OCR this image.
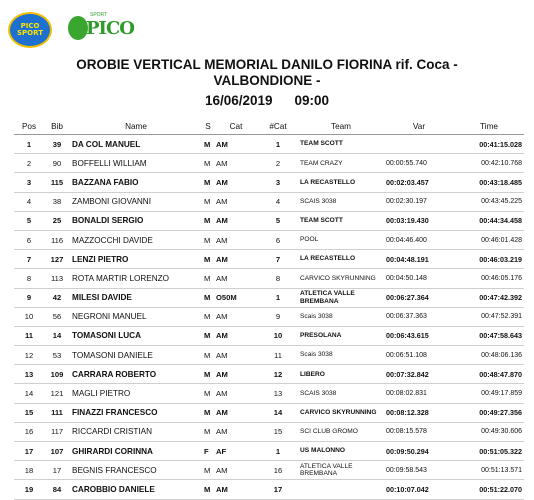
PICO
SPORT
SPORT
PICO
OROBIE VERTICAL MEMORIAL DANILO FIORINA rif. Coca -
VALBONDIONE -
16/06/2019 09:00
Pos	Bib	Name	S	Cat	#Cat	Team	Var	Time
1	39	DA COL MANUEL	M	AM	1	TEAM SCOTT		00:41:15.028
2	90	BOFFELLI WILLIAM	M	AM	2	TEAM CRAZY	00:00:55.740	00:42:10.768
3	115	BAZZANA FABIO	M	AM	3	LA RECASTELLO	00:02:03.457	00:43:18.485
4	38	ZAMBONI GIOVANNI	M	AM	4	SCAIS 3038	00:02:30.197	00:43:45.225
5	25	BONALDI SERGIO	M	AM	5	TEAM SCOTT	00:03:19.430	00:44:34.458
6	116	MAZZOCCHI DAVIDE	M	AM	6	POOL	00:04:46.400	00:46:01.428
7	127	LENZI PIETRO	M	AM	7	LA RECASTELLO	00:04:48.191	00:46:03.219
8	113	ROTA MARTIR LORENZO	M	AM	8	CARVICO SKYRUNNING	00:04:50.148	00:46:05.176
9	42	MILESI DAVIDE	M	O50M	1	ATLETICA VALLE BREMBANA	00:06:27.364	00:47:42.392
10	56	NEGRONI MANUEL	M	AM	9	Scais 3038	00:06:37.363	00:47:52.391
11	14	TOMASONI LUCA	M	AM	10	PRESOLANA	00:06:43.615	00:47:58.643
12	53	TOMASONI DANIELE	M	AM	11	Scais 3038	00:06:51.108	00:48:06.136
13	109	CARRARA ROBERTO	M	AM	12	LIBERO	00:07:32.842	00:48:47.870
14	121	MAGLI PIETRO	M	AM	13	SCAIS 3038	00:08:02.831	00:49:17.859
15	111	FINAZZI FRANCESCO	M	AM	14	CARVICO SKYRUNNING	00:08:12.328	00:49:27.356
16	117	RICCARDI CRISTIAN	M	AM	15	SCI CLUB GROMO	00:08:15.578	00:49:30.606
17	107	GHIRARDI CORINNA	F	AF	1	US MALONNO	00:09:50.294	00:51:05.322
18	17	BEGNIS FRANCESCO	M	AM	16	ATLETICA VALLE BREMBANA	00:09:58.543	00:51:13.571
19	84	CAROBBIO DANIELE	M	AM	17		00:10:07.042	00:51:22.070
